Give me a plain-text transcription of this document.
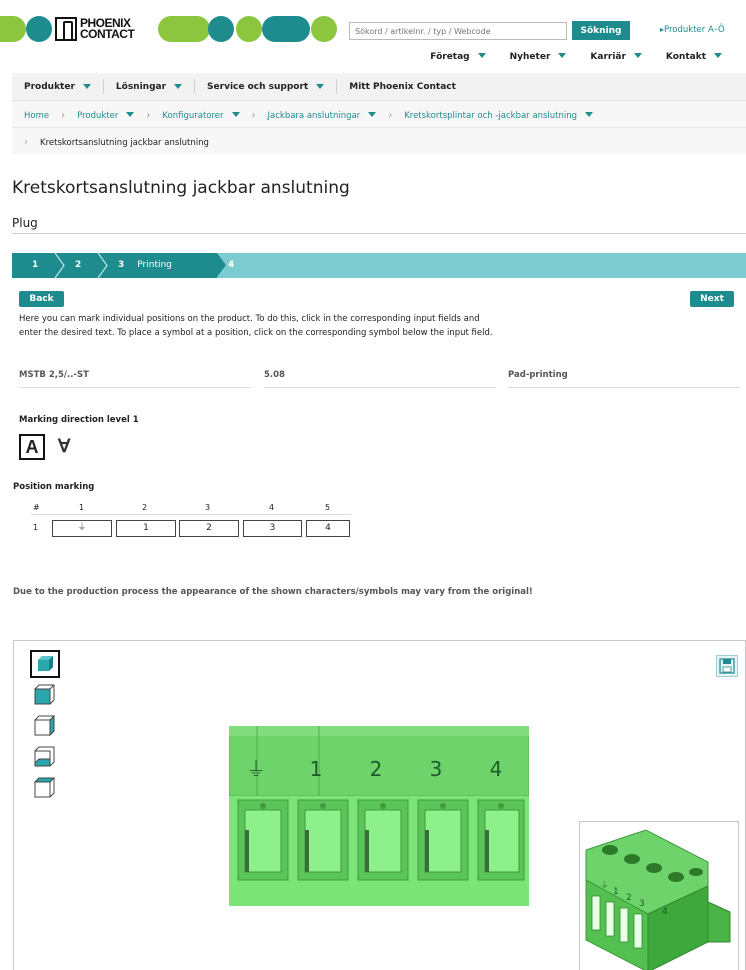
PHOENIX
CONTACT
Sökord / artikelnr. / typ / Webcode	Sökning
▸	Produkter A–Ö
Företag	Nyheter	Karriär	Kontakt
Produkter	Lösningar	Service och support	Mitt Phoenix Contact
Home › Produkter	› Konfiguratorer	› Jackbara anslutningar	› Kretskortsplintar och -jackbar anslutning
› Kretskortsanslutning jackbar anslutning
Kretskortsanslutning jackbar anslutning
Plug
1	2	3 Printing	4
Back	Next
Here you can mark individual positions on the product. To do this, click in the corresponding input fields and enter the desired text. To place a symbol at a position, click on the corresponding symbol below the input field.
MSTB 2,5/..-ST	5.08	Pad-printing
Marking direction level 1
A	∀
Position marking
#	1	2	3	4	5
1	⏚	1	2	3	4
Due to the production process the appearance of the shown characters/symbols may vary from the original!
⏚ 1 2 3 4
⏚
1
2
3
4
